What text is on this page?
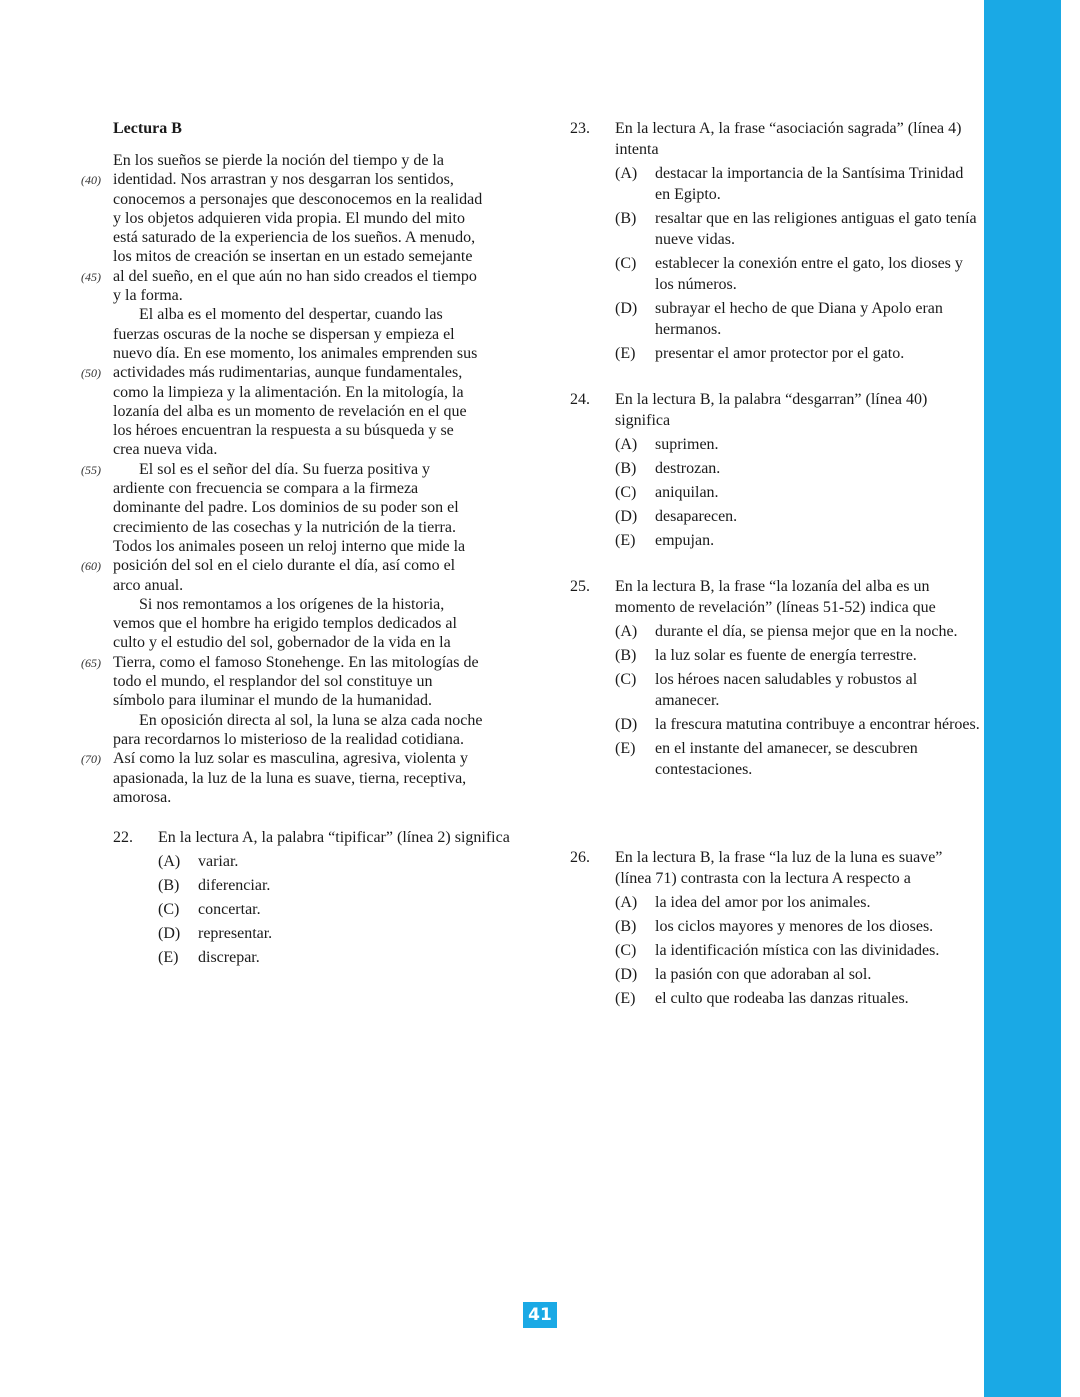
Lectura B
En los sueños se pierde la noción del tiempo y de la
(40) identidad. Nos arrastran y nos desgarran los sentidos,
conocemos a personajes que desconocemos en la realidad
y los objetos adquieren vida propia. El mundo del mito
está saturado de la experiencia de los sueños. A menudo,
los mitos de creación se insertan en un estado semejante
(45) al del sueño, en el que aún no han sido creados el tiempo
y la forma.
El alba es el momento del despertar, cuando las
fuerzas oscuras de la noche se dispersan y empieza el
nuevo día. En ese momento, los animales emprenden sus
(50) actividades más rudimentarias, aunque fundamentales,
como la limpieza y la alimentación. En la mitología, la
lozanía del alba es un momento de revelación en el que
los héroes encuentran la respuesta a su búsqueda y se
crea nueva vida.
(55) El sol es el señor del día. Su fuerza positiva y
ardiente con frecuencia se compara a la firmeza
dominante del padre. Los dominios de su poder son el
crecimiento de las cosechas y la nutrición de la tierra.
Todos los animales poseen un reloj interno que mide la
(60) posición del sol en el cielo durante el día, así como el
arco anual.
Si nos remontamos a los orígenes de la historia,
vemos que el hombre ha erigido templos dedicados al
culto y el estudio del sol, gobernador de la vida en la
(65) Tierra, como el famoso Stonehenge. En las mitologías de
todo el mundo, el resplandor del sol constituye un
símbolo para iluminar el mundo de la humanidad.
En oposición directa al sol, la luna se alza cada noche
para recordarnos lo misterioso de la realidad cotidiana.
(70) Así como la luz solar es masculina, agresiva, violenta y
apasionada, la luz de la luna es suave, tierna, receptiva,
amorosa.
22. En la lectura A, la palabra “tipificar” (línea 2) significa
(A) variar.
(B) diferenciar.
(C) concertar.
(D) representar.
(E) discrepar.
23. En la lectura A, la frase “asociación sagrada” (línea 4) intenta
(A) destacar la importancia de la Santísima Trinidad en Egipto.
(B) resaltar que en las religiones antiguas el gato tenía nueve vidas.
(C) establecer la conexión entre el gato, los dioses y los números.
(D) subrayar el hecho de que Diana y Apolo eran hermanos.
(E) presentar el amor protector por el gato.
24. En la lectura B, la palabra “desgarran” (línea 40) significa
(A) suprimen.
(B) destrozan.
(C) aniquilan.
(D) desaparecen.
(E) empujan.
25. En la lectura B, la frase “la lozanía del alba es un momento de revelación” (líneas 51-52) indica que
(A) durante el día, se piensa mejor que en la noche.
(B) la luz solar es fuente de energía terrestre.
(C) los héroes nacen saludables y robustos al amanecer.
(D) la frescura matutina contribuye a encontrar héroes.
(E) en el instante del amanecer, se descubren contestaciones.
26. En la lectura B, la frase “la luz de la luna es suave” (línea 71) contrasta con la lectura A respecto a
(A) la idea del amor por los animales.
(B) los ciclos mayores y menores de los dioses.
(C) la identificación mística con las divinidades.
(D) la pasión con que adoraban al sol.
(E) el culto que rodeaba las danzas rituales.
41
